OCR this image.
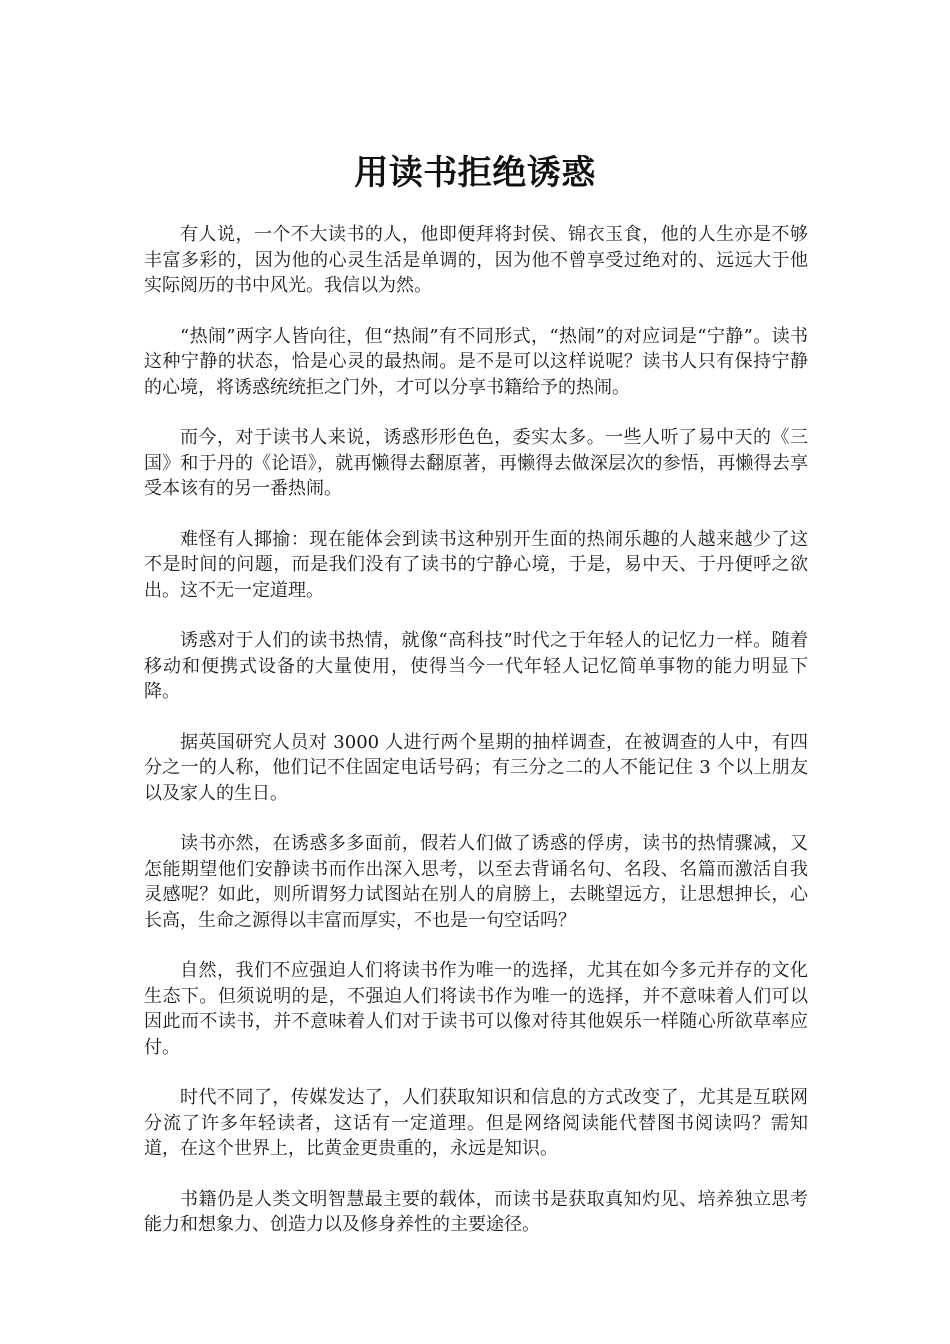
用读书拒绝诱惑

有人说，一个不大读书的人，他即便拜将封侯、锦衣玉食，他的人生亦是不够丰富多彩的，因为他的心灵生活是单调的，因为他不曾享受过绝对的、远远大于他实际阅历的书中风光。我信以为然。

“热闹”两字人皆向往，但“热闹”有不同形式，“热闹”的对应词是“宁静”。读书这种宁静的状态，恰是心灵的最热闹。是不是可以这样说呢？读书人只有保持宁静的心境，将诱惑统统拒之门外，才可以分享书籍给予的热闹。

而今，对于读书人来说，诱惑形形色色，委实太多。一些人听了易中天的《三国》和于丹的《论语》，就再懒得去翻原著，再懒得去做深层次的参悟，再懒得去享受本该有的另一番热闹。

难怪有人揶揄：现在能体会到读书这种别开生面的热闹乐趣的人越来越少了这不是时间的问题，而是我们没有了读书的宁静心境，于是，易中天、于丹便呼之欲出。这不无一定道理。

诱惑对于人们的读书热情，就像“高科技”时代之于年轻人的记忆力一样。随着移动和便携式设备的大量使用，使得当今一代年轻人记忆简单事物的能力明显下降。

据英国研究人员对 3000 人进行两个星期的抽样调查，在被调查的人中，有四分之一的人称，他们记不住固定电话号码；有三分之二的人不能记住 3 个以上朋友以及家人的生日。

读书亦然，在诱惑多多面前，假若人们做了诱惑的俘虏，读书的热情骤减，又怎能期望他们安静读书而作出深入思考，以至去背诵名句、名段、名篇而激活自我灵感呢？如此，则所谓努力试图站在别人的肩膀上，去眺望远方，让思想抻长，心长高，生命之源得以丰富而厚实，不也是一句空话吗？

自然，我们不应强迫人们将读书作为唯一的选择，尤其在如今多元并存的文化生态下。但须说明的是，不强迫人们将读书作为唯一的选择，并不意味着人们可以因此而不读书，并不意味着人们对于读书可以像对待其他娱乐一样随心所欲草率应付。

时代不同了，传媒发达了，人们获取知识和信息的方式改变了，尤其是互联网分流了许多年轻读者，这话有一定道理。但是网络阅读能代替图书阅读吗？需知道，在这个世界上，比黄金更贵重的，永远是知识。

书籍仍是人类文明智慧最主要的载体，而读书是获取真知灼见、培养独立思考能力和想象力、创造力以及修身养性的主要途径。
